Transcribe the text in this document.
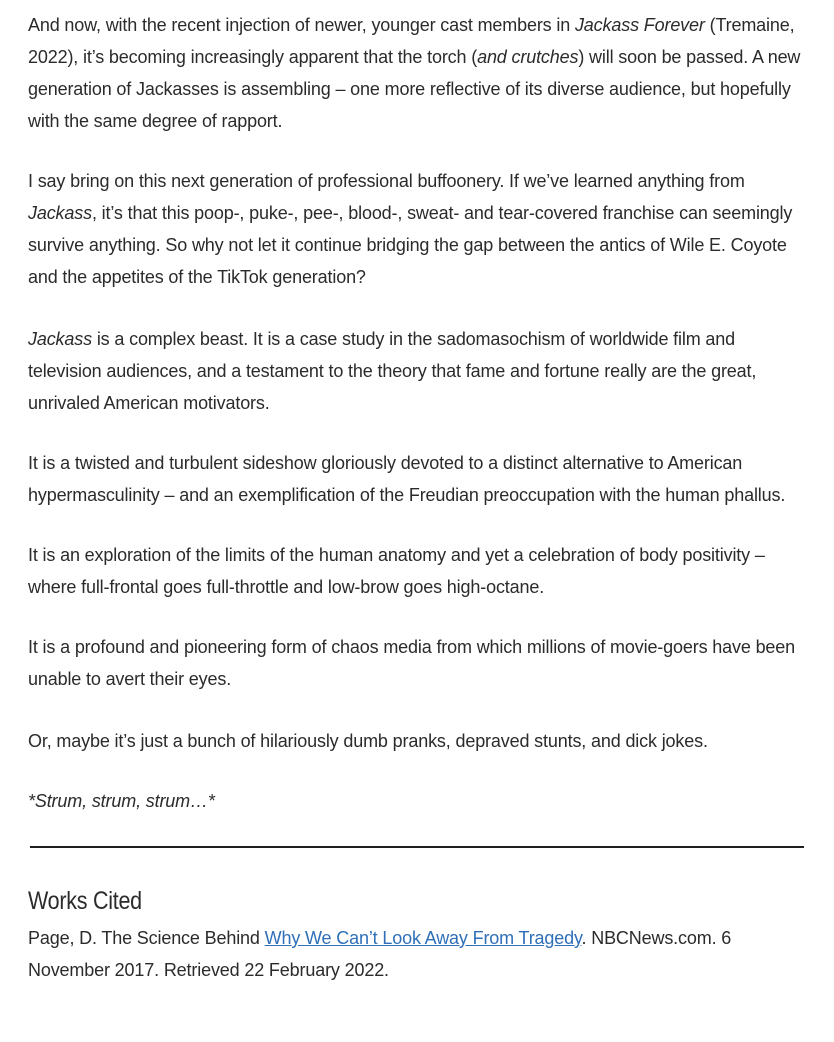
And now, with the recent injection of newer, younger cast members in Jackass Forever (Tremaine, 2022), it’s becoming increasingly apparent that the torch (and crutches) will soon be passed. A new generation of Jackasses is assembling – one more reflective of its diverse audience, but hopefully with the same degree of rapport.

I say bring on this next generation of professional buffoonery. If we’ve learned anything from Jackass, it’s that this poop-, puke-, pee-, blood-, sweat- and tear-covered franchise can seemingly survive anything. So why not let it continue bridging the gap between the antics of Wile E. Coyote and the appetites of the TikTok generation?

Jackass is a complex beast. It is a case study in the sadomasochism of worldwide film and television audiences, and a testament to the theory that fame and fortune really are the great, unrivaled American motivators.

It is a twisted and turbulent sideshow gloriously devoted to a distinct alternative to American hypermasculinity – and an exemplification of the Freudian preoccupation with the human phallus.

It is an exploration of the limits of the human anatomy and yet a celebration of body positivity – where full-frontal goes full-throttle and low-brow goes high-octane.

It is a profound and pioneering form of chaos media from which millions of movie-goers have been unable to avert their eyes.

Or, maybe it’s just a bunch of hilariously dumb pranks, depraved stunts, and dick jokes.

*Strum, strum, strum…*

Works Cited

Page, D. The Science Behind Why We Can’t Look Away From Tragedy. NBCNews.com. 6 November 2017. Retrieved 22 February 2022.
